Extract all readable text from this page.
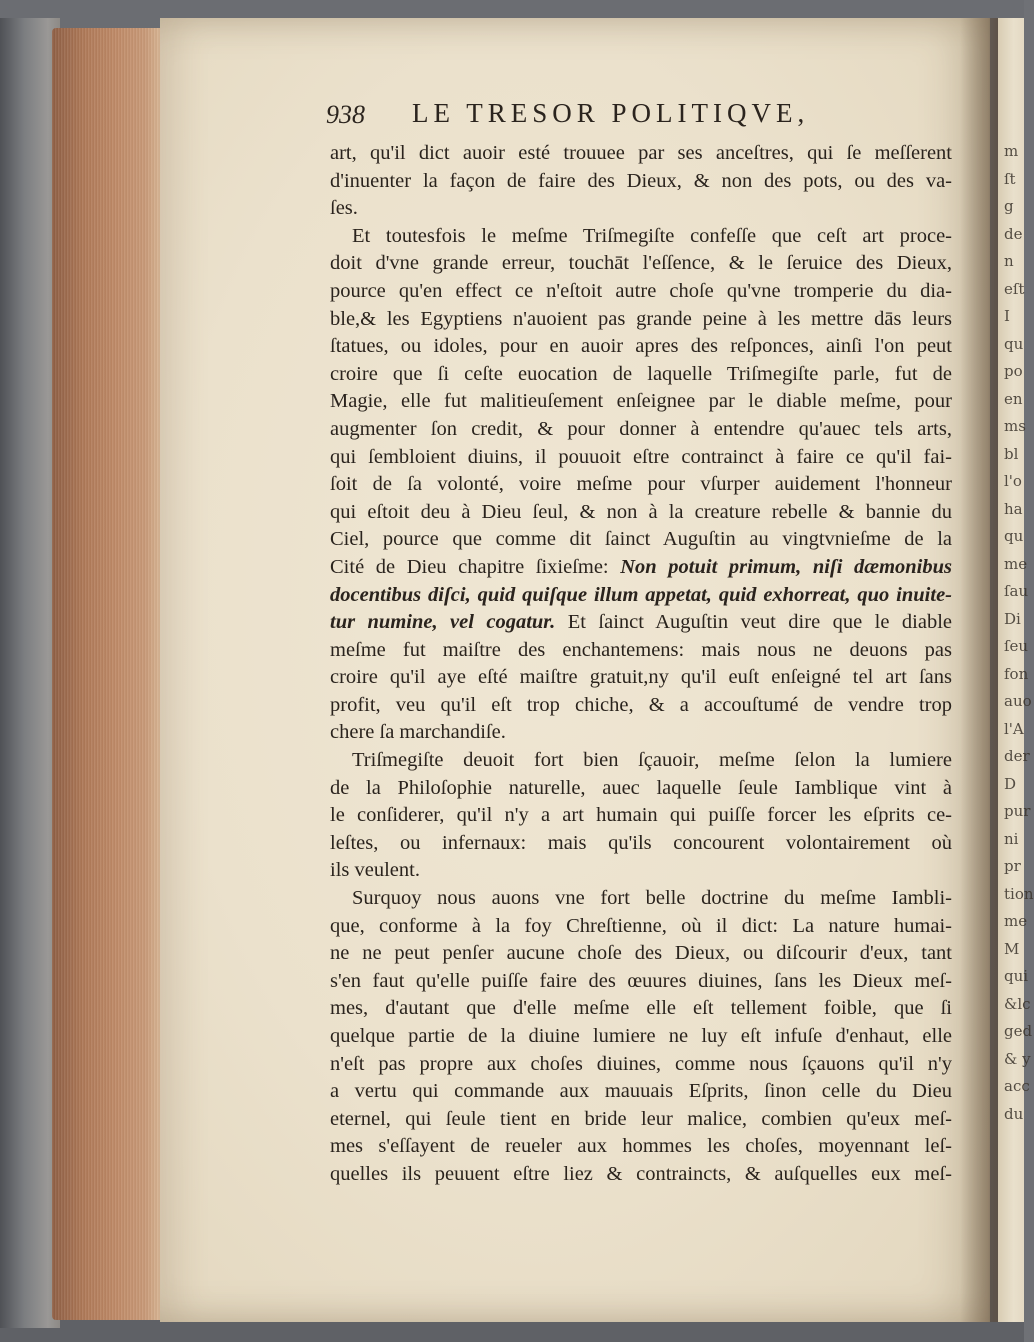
m
ſt
g
de
n
eſt
I
qu
po
en
ms
bl
l'o
ha
qu
me
ſau
Di
ſeu
fon
auo
l'A
der
D
pur
ni
pr
tion
me
M
qui
&lc
ged
& y
acc
du
938 LE TRESOR POLITIQVE,
art, qu'il dict auoir esté trouuee par ses anceſtres, qui ſe meſſerent
d'inuenter la façon de faire des Dieux, & non des pots, ou des va-
ſes.
Et toutesfois le meſme Triſmegiſte confeſſe que ceſt art proce-
doit d'vne grande erreur, touchāt l'eſſence, & le ſeruice des Dieux,
pource qu'en effect ce n'eſtoit autre choſe qu'vne tromperie du dia-
ble,& les Egyptiens n'auoient pas grande peine à les mettre dās leurs
ſtatues, ou idoles, pour en auoir apres des reſponces, ainſi l'on peut
croire que ſi ceſte euocation de laquelle Triſmegiſte parle, fut de
Magie, elle fut malitieuſement enſeignee par le diable meſme, pour
augmenter ſon credit, & pour donner à entendre qu'auec tels arts,
qui ſembloient diuins, il pouuoit eſtre contrainct à faire ce qu'il fai-
ſoit de ſa volonté, voire meſme pour vſurper auidement l'honneur
qui eſtoit deu à Dieu ſeul, & non à la creature rebelle & bannie du
Ciel, pource que comme dit ſainct Auguſtin au vingtvnieſme de la
Cité de Dieu chapitre ſixieſme: Non potuit primum, niſi dæmonibus
docentibus diſci, quid quiſque illum appetat, quid exhorreat, quo inuite-
tur numine, vel cogatur. Et ſainct Auguſtin veut dire que le diable
meſme fut maiſtre des enchantemens: mais nous ne deuons pas
croire qu'il aye eſté maiſtre gratuit,ny qu'il euſt enſeigné tel art ſans
profit, veu qu'il eſt trop chiche, & a accouſtumé de vendre trop
chere ſa marchandiſe.
Triſmegiſte deuoit fort bien ſçauoir, meſme ſelon la lumiere
de la Philoſophie naturelle, auec laquelle ſeule Iamblique vint à
le conſiderer, qu'il n'y a art humain qui puiſſe forcer les eſprits ce-
leſtes, ou infernaux: mais qu'ils concourent volontairement où
ils veulent.
Surquoy nous auons vne fort belle doctrine du meſme Iambli-
que, conforme à la foy Chreſtienne, où il dict: La nature humai-
ne ne peut penſer aucune choſe des Dieux, ou diſcourir d'eux, tant
s'en faut qu'elle puiſſe faire des œuures diuines, ſans les Dieux meſ-
mes, d'autant que d'elle meſme elle eſt tellement foible, que ſi
quelque partie de la diuine lumiere ne luy eſt infuſe d'enhaut, elle
n'eſt pas propre aux choſes diuines, comme nous ſçauons qu'il n'y
a vertu qui commande aux mauuais Eſprits, ſinon celle du Dieu
eternel, qui ſeule tient en bride leur malice, combien qu'eux meſ-
mes s'eſſayent de reueler aux hommes les choſes, moyennant leſ-
quelles ils peuuent eſtre liez & contraincts, & auſquelles eux meſ-
